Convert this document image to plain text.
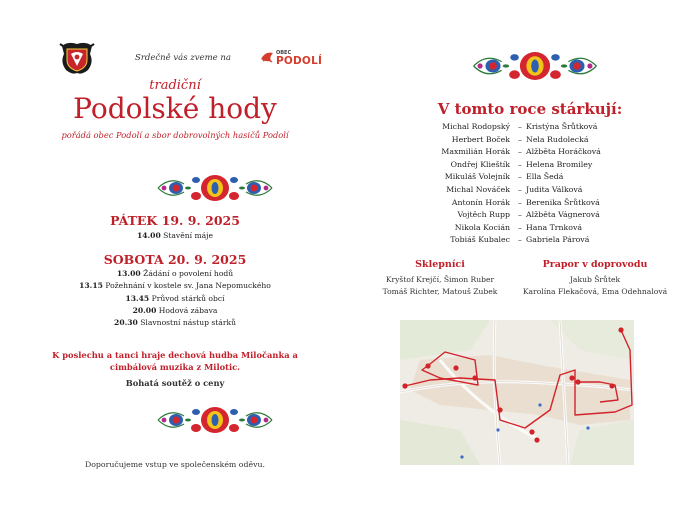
Srdečně vás zveme na	OBEC
PODOLÍ
tradiční
Podolské hody
pořádá obec Podolí a sbor dobrovolných hasičů Podolí
PÁTEK 19. 9. 2025
14.00 Stavění máje
SOBOTA 20. 9. 2025
13.00 Žádání o povolení hodů
13.15 Požehnání v kostele sv. Jana Nepomuckého
13.45 Průvod stárků obcí
20.00 Hodová zábava
20.30 Slavnostní nástup stárků
K poslechu a tanci hraje dechová hudba Miločanka a cimbálová muzika z Milotic.
Bohatá soutěž o ceny
Doporučujeme vstup ve společenském oděvu.
V tomto roce stárkují:
Michal Rodopský	– Kristýna Šrůtková
Herbert Boček	– Nela Rudolecká
Maxmilián Horák	– Alžběta Horáčková
Ondřej Klieštík	– Helena Bromiley
Mikuláš Volejník	– Ella Šedá
Michal Nováček	– Judita Válková
Antonín Horák	– Berenika Šrůtková
Vojtěch Rupp	– Alžběta Vágnerová
Nikola Kocián	– Hana Trnková
Tobiáš Kubalec	– Gabriela Párová
Sklepníci
Kryštof Krejčí, Šimon Ruber
Tomáš Richter, Matouš Zubek
Prapor v doprovodu
Jakub Šrůtek
Karolína Flekačová, Ema Odehnalová
